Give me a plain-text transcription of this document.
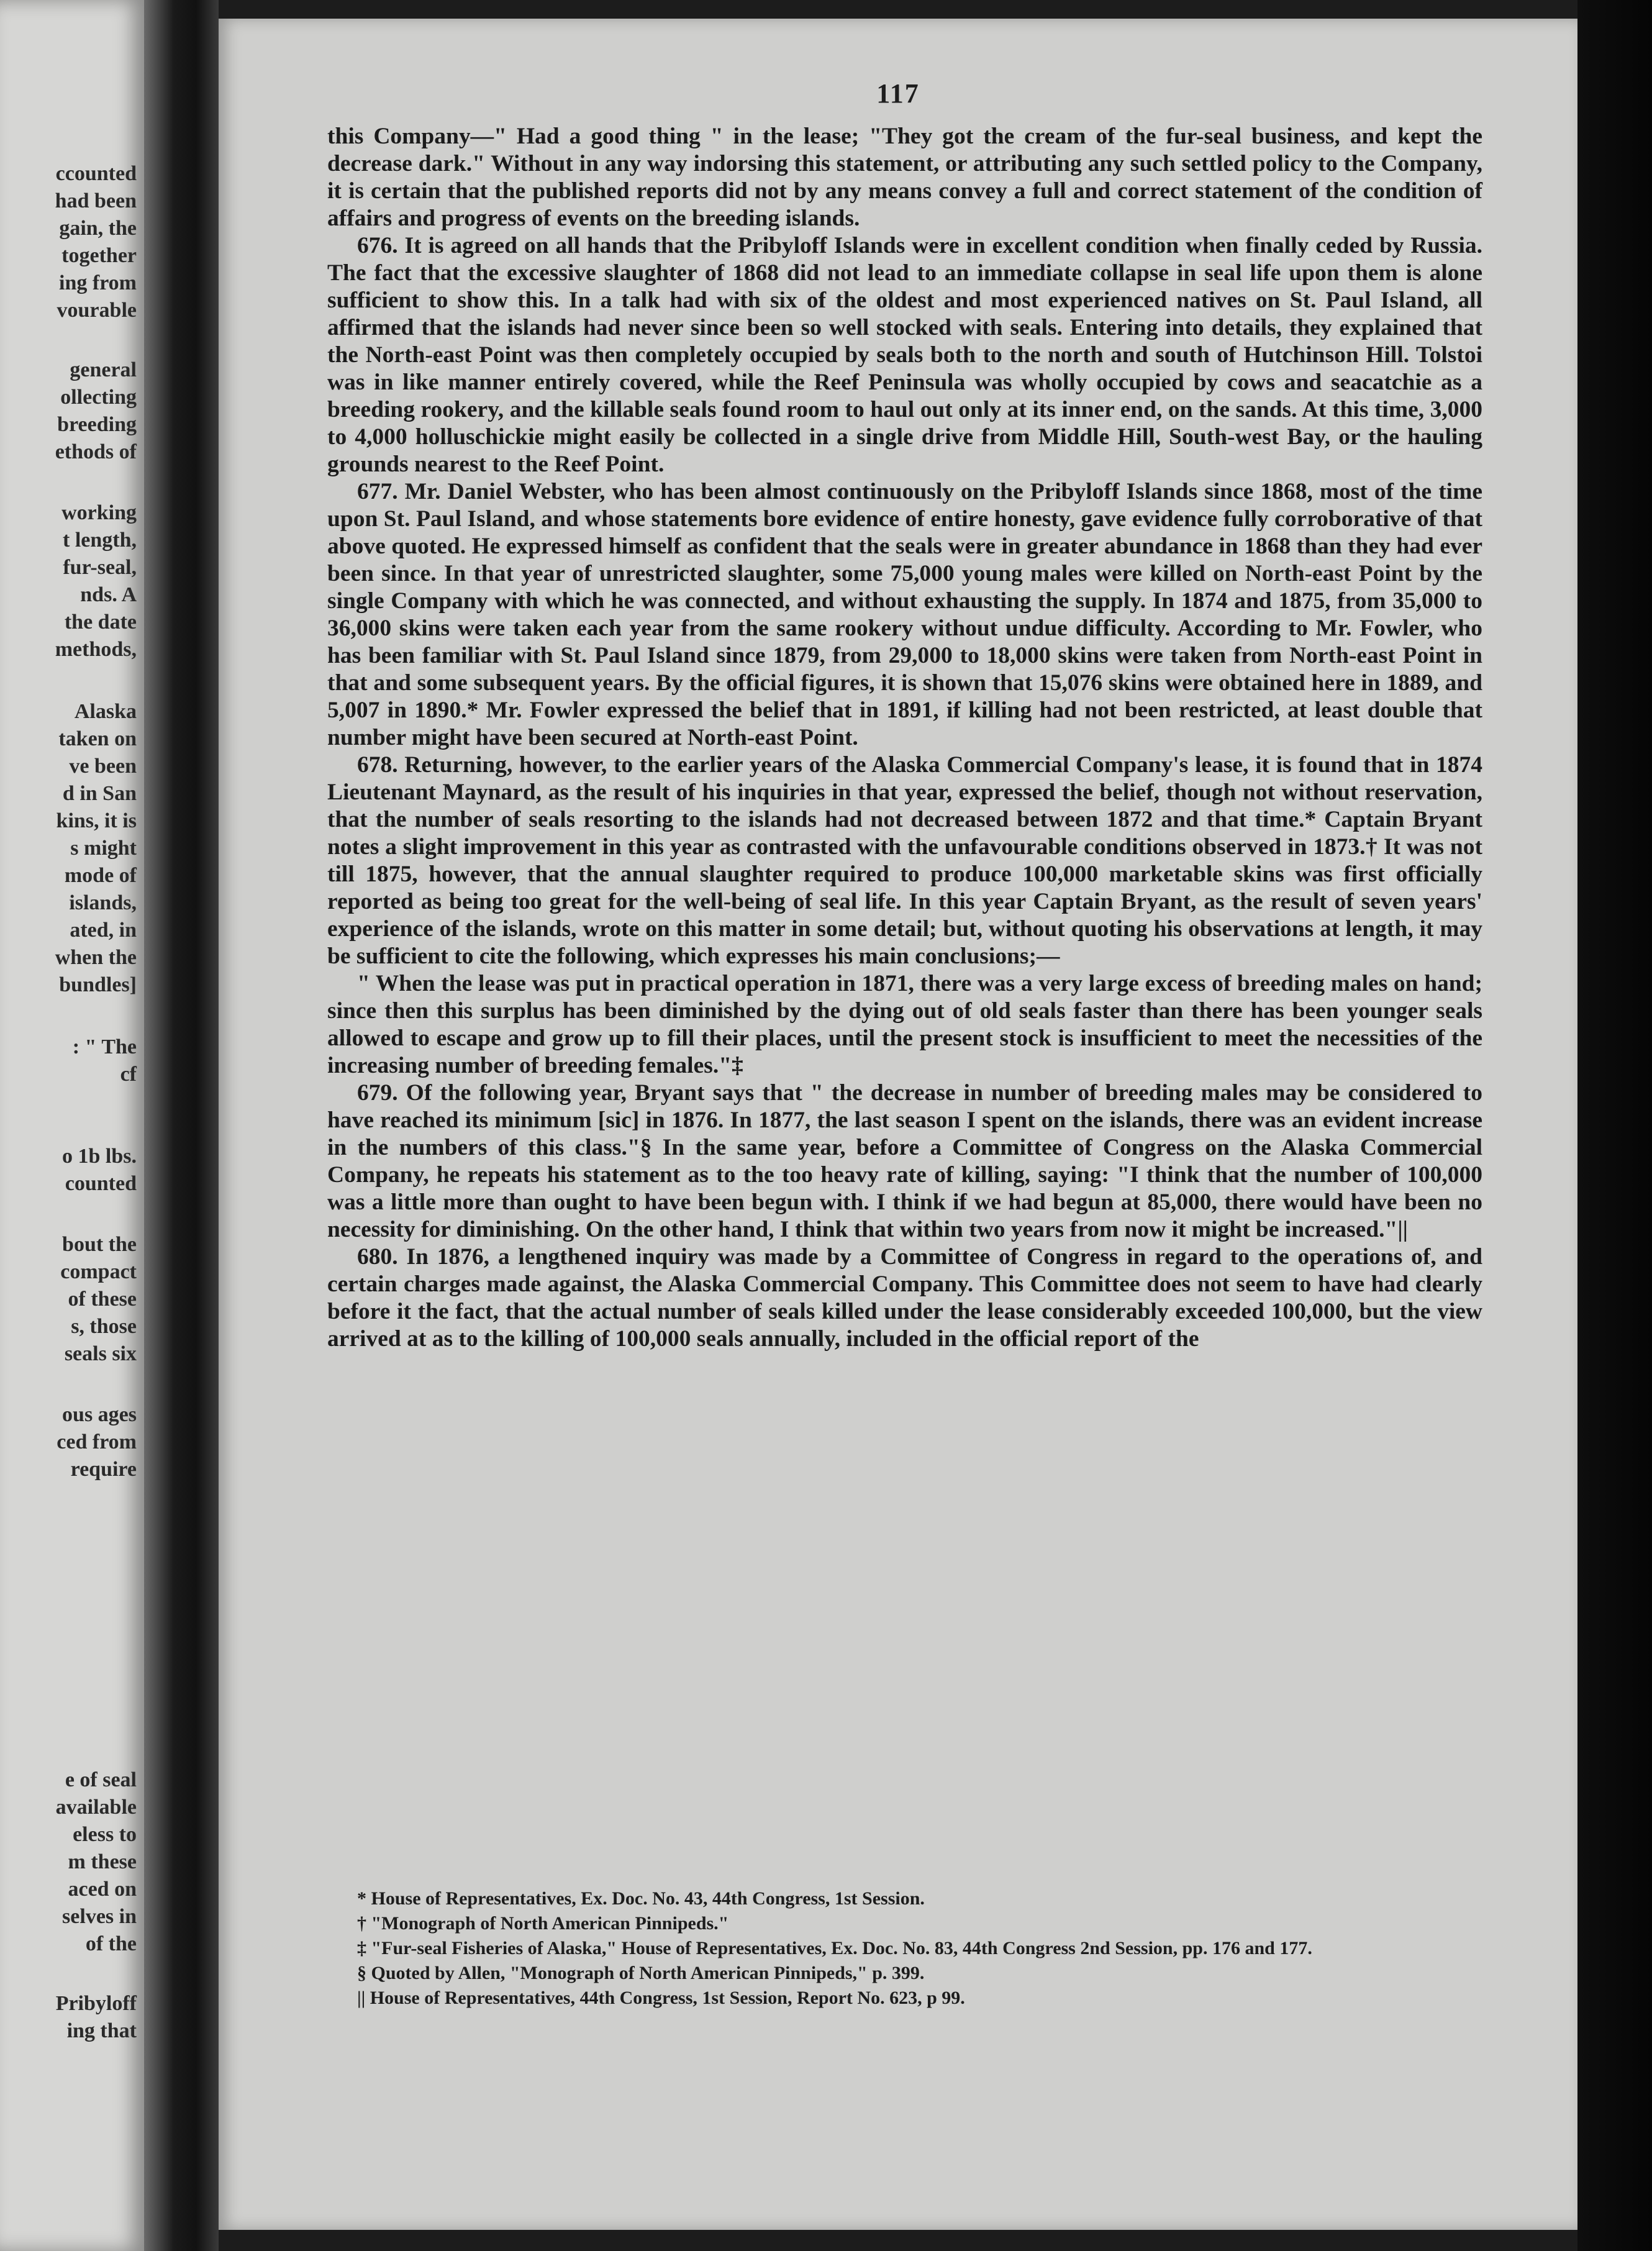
ccounted
had been
gain, the
together
ing from
vourable
general
ollecting
breeding
ethods of
working
t length,
fur-seal,
nds. A
the date
methods,
Alaska
taken on
ve been
d in San
kins, it is
s might
mode of
islands,
ated, in
when the
bundles]
: " The
cf
o 1b lbs.
counted
bout the
compact
of these
s, those
seals six
ous ages
ced from
require
e of seal
available
eless to
m these
aced on
selves in
of the
Pribyloff
ing that
117

this Company—" Had a good thing " in the lease; "They got the cream of the fur-seal business, and kept the decrease dark." Without in any way indorsing this statement, or attributing any such settled policy to the Company, it is certain that the published reports did not by any means convey a full and correct statement of the condition of affairs and progress of events on the breeding islands.

676. It is agreed on all hands that the Pribyloff Islands were in excellent condition when finally ceded by Russia. The fact that the excessive slaughter of 1868 did not lead to an immediate collapse in seal life upon them is alone sufficient to show this. In a talk had with six of the oldest and most experienced natives on St. Paul Island, all affirmed that the islands had never since been so well stocked with seals. Entering into details, they explained that the North-east Point was then completely occupied by seals both to the north and south of Hutchinson Hill. Tolstoi was in like manner entirely covered, while the Reef Peninsula was wholly occupied by cows and seacatchie as a breeding rookery, and the killable seals found room to haul out only at its inner end, on the sands. At this time, 3,000 to 4,000 holluschickie might easily be collected in a single drive from Middle Hill, South-west Bay, or the hauling grounds nearest to the Reef Point.

677. Mr. Daniel Webster, who has been almost continuously on the Pribyloff Islands since 1868, most of the time upon St. Paul Island, and whose statements bore evidence of entire honesty, gave evidence fully corroborative of that above quoted. He expressed himself as confident that the seals were in greater abundance in 1868 than they had ever been since. In that year of unrestricted slaughter, some 75,000 young males were killed on North-east Point by the single Company with which he was connected, and without exhausting the supply. In 1874 and 1875, from 35,000 to 36,000 skins were taken each year from the same rookery without undue difficulty. According to Mr. Fowler, who has been familiar with St. Paul Island since 1879, from 29,000 to 18,000 skins were taken from North-east Point in that and some subsequent years. By the official figures, it is shown that 15,076 skins were obtained here in 1889, and 5,007 in 1890.* Mr. Fowler expressed the belief that in 1891, if killing had not been restricted, at least double that number might have been secured at North-east Point.

678. Returning, however, to the earlier years of the Alaska Commercial Company's lease, it is found that in 1874 Lieutenant Maynard, as the result of his inquiries in that year, expressed the belief, though not without reservation, that the number of seals resorting to the islands had not decreased between 1872 and that time.* Captain Bryant notes a slight improvement in this year as contrasted with the unfavourable conditions observed in 1873.† It was not till 1875, however, that the annual slaughter required to produce 100,000 marketable skins was first officially reported as being too great for the well-being of seal life. In this year Captain Bryant, as the result of seven years' experience of the islands, wrote on this matter in some detail; but, without quoting his observations at length, it may be sufficient to cite the following, which expresses his main conclusions;—

" When the lease was put in practical operation in 1871, there was a very large excess of breeding males on hand; since then this surplus has been diminished by the dying out of old seals faster than there has been younger seals allowed to escape and grow up to fill their places, until the present stock is insufficient to meet the necessities of the increasing number of breeding females."‡

679. Of the following year, Bryant says that " the decrease in number of breeding males may be considered to have reached its minimum [sic] in 1876. In 1877, the last season I spent on the islands, there was an evident increase in the numbers of this class."§ In the same year, before a Committee of Congress on the Alaska Commercial Company, he repeats his statement as to the too heavy rate of killing, saying: "I think that the number of 100,000 was a little more than ought to have been begun with. I think if we had begun at 85,000, there would have been no necessity for diminishing. On the other hand, I think that within two years from now it might be increased."||

680. In 1876, a lengthened inquiry was made by a Committee of Congress in regard to the operations of, and certain charges made against, the Alaska Commercial Company. This Committee does not seem to have had clearly before it the fact, that the actual number of seals killed under the lease considerably exceeded 100,000, but the view arrived at as to the killing of 100,000 seals annually, included in the official report of the

* House of Representatives, Ex. Doc. No. 43, 44th Congress, 1st Session.

† "Monograph of North American Pinnipeds."

‡ "Fur-seal Fisheries of Alaska," House of Representatives, Ex. Doc. No. 83, 44th Congress 2nd Session, pp. 176 and 177.

§ Quoted by Allen, "Monograph of North American Pinnipeds," p. 399.

|| House of Representatives, 44th Congress, 1st Session, Report No. 623, p 99.
